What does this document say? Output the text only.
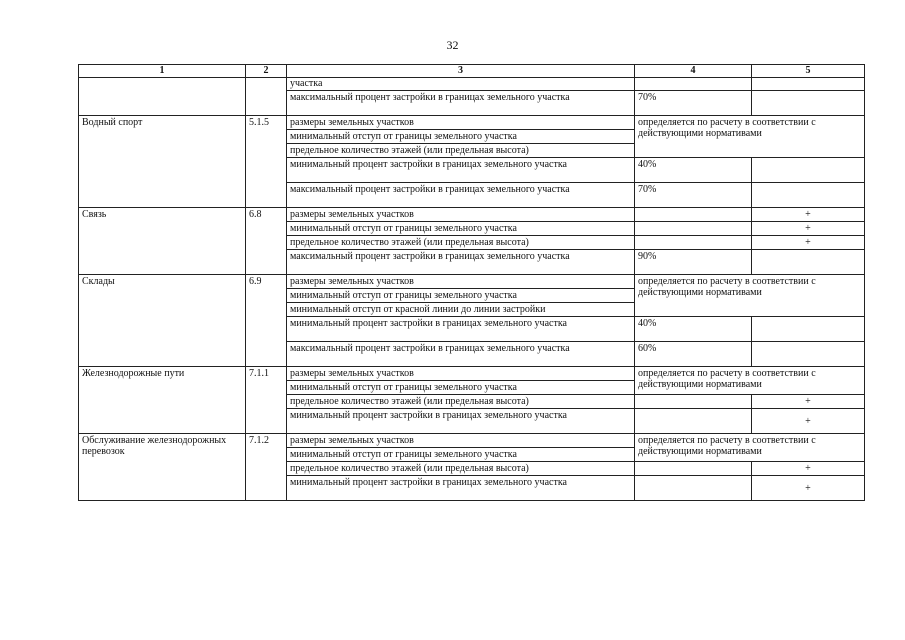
32
1	2	3	4	5
		участка		
		максимальный процент застройки в границах земельного участка	70%	
Водный спорт	5.1.5	размеры земельных участков	определяется по расчету в соответствии с действующими нормативами	
		минимальный отступ от границы земельного участка		
		предельное количество этажей (или предельная высота)		
		минимальный процент застройки в границах земельного участка	40%	
		максимальный процент застройки в границах земельного участка	70%	
Связь	6.8	размеры земельных участков		+
		минимальный отступ от границы земельного участка		+
		предельное количество этажей (или предельная высота)		+
		максимальный процент застройки в границах земельного участка	90%	
Склады	6.9	размеры земельных участков	определяется по расчету в соответствии с действующими нормативами	
		минимальный отступ от границы земельного участка		
		минимальный отступ от красной линии до линии застройки		
		минимальный процент застройки в границах земельного участка	40%	
		максимальный процент застройки в границах земельного участка	60%	
Железнодорожные пути	7.1.1	размеры земельных участков	определяется по расчету в соответствии с действующими нормативами	
		минимальный отступ от границы земельного участка		
		предельное количество этажей (или предельная высота)		+
		минимальный процент застройки в границах земельного участка		+
Обслуживание железнодорожных перевозок	7.1.2	размеры земельных участков	определяется по расчету в соответствии с действующими нормативами	
		минимальный отступ от границы земельного участка		
		предельное количество этажей (или предельная высота)		+
		минимальный процент застройки в границах земельного участка		+
